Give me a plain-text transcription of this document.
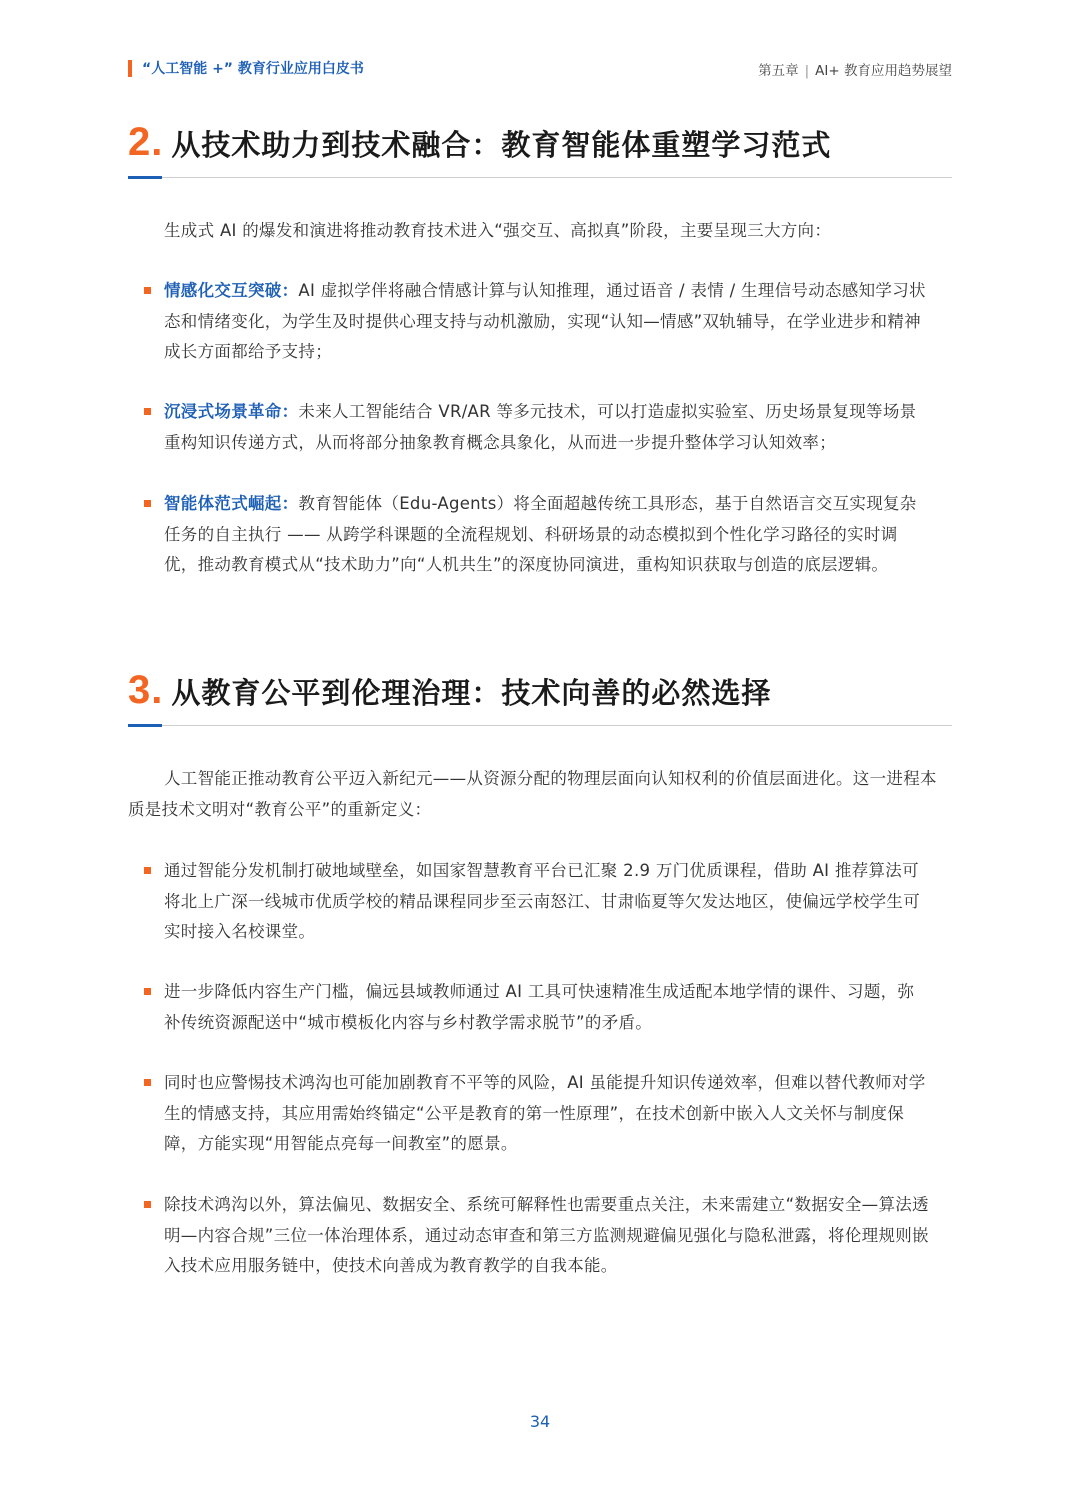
“人工智能 +” 教育行业应用白皮书	第五章 | AI+ 教育应用趋势展望
2. 从技术助力到技术融合：教育智能体重塑学习范式
生成式 AI 的爆发和演进将推动教育技术进入“强交互、高拟真”阶段，主要呈现三大方向：
情感化交互突破：AI 虚拟学伴将融合情感计算与认知推理，通过语音 / 表情 / 生理信号动态感知学习状态和情绪变化，为学生及时提供心理支持与动机激励，实现“认知—情感”双轨辅导，在学业进步和精神成长方面都给予支持；
沉浸式场景革命：未来人工智能结合 VR/AR 等多元技术，可以打造虚拟实验室、历史场景复现等场景重构知识传递方式，从而将部分抽象教育概念具象化，从而进一步提升整体学习认知效率；
智能体范式崛起：教育智能体（Edu-Agents）将全面超越传统工具形态，基于自然语言交互实现复杂任务的自主执行 —— 从跨学科课题的全流程规划、科研场景的动态模拟到个性化学习路径的实时调优，推动教育模式从“技术助力”向“人机共生”的深度协同演进，重构知识获取与创造的底层逻辑。
3. 从教育公平到伦理治理：技术向善的必然选择
人工智能正推动教育公平迈入新纪元——从资源分配的物理层面向认知权利的价值层面进化。这一进程本质是技术文明对“教育公平”的重新定义：
通过智能分发机制打破地域壁垒，如国家智慧教育平台已汇聚 2.9 万门优质课程，借助 AI 推荐算法可将北上广深一线城市优质学校的精品课程同步至云南怒江、甘肃临夏等欠发达地区，使偏远学校学生可实时接入名校课堂。
进一步降低内容生产门槛，偏远县域教师通过 AI 工具可快速精准生成适配本地学情的课件、习题，弥补传统资源配送中“城市模板化内容与乡村教学需求脱节”的矛盾。
同时也应警惕技术鸿沟也可能加剧教育不平等的风险，AI 虽能提升知识传递效率，但难以替代教师对学生的情感支持，其应用需始终锚定“公平是教育的第一性原理”，在技术创新中嵌入人文关怀与制度保障，方能实现“用智能点亮每一间教室”的愿景。
除技术鸿沟以外，算法偏见、数据安全、系统可解释性也需要重点关注，未来需建立“数据安全—算法透明—内容合规”三位一体治理体系，通过动态审查和第三方监测规避偏见强化与隐私泄露，将伦理规则嵌入技术应用服务链中，使技术向善成为教育教学的自我本能。
34
